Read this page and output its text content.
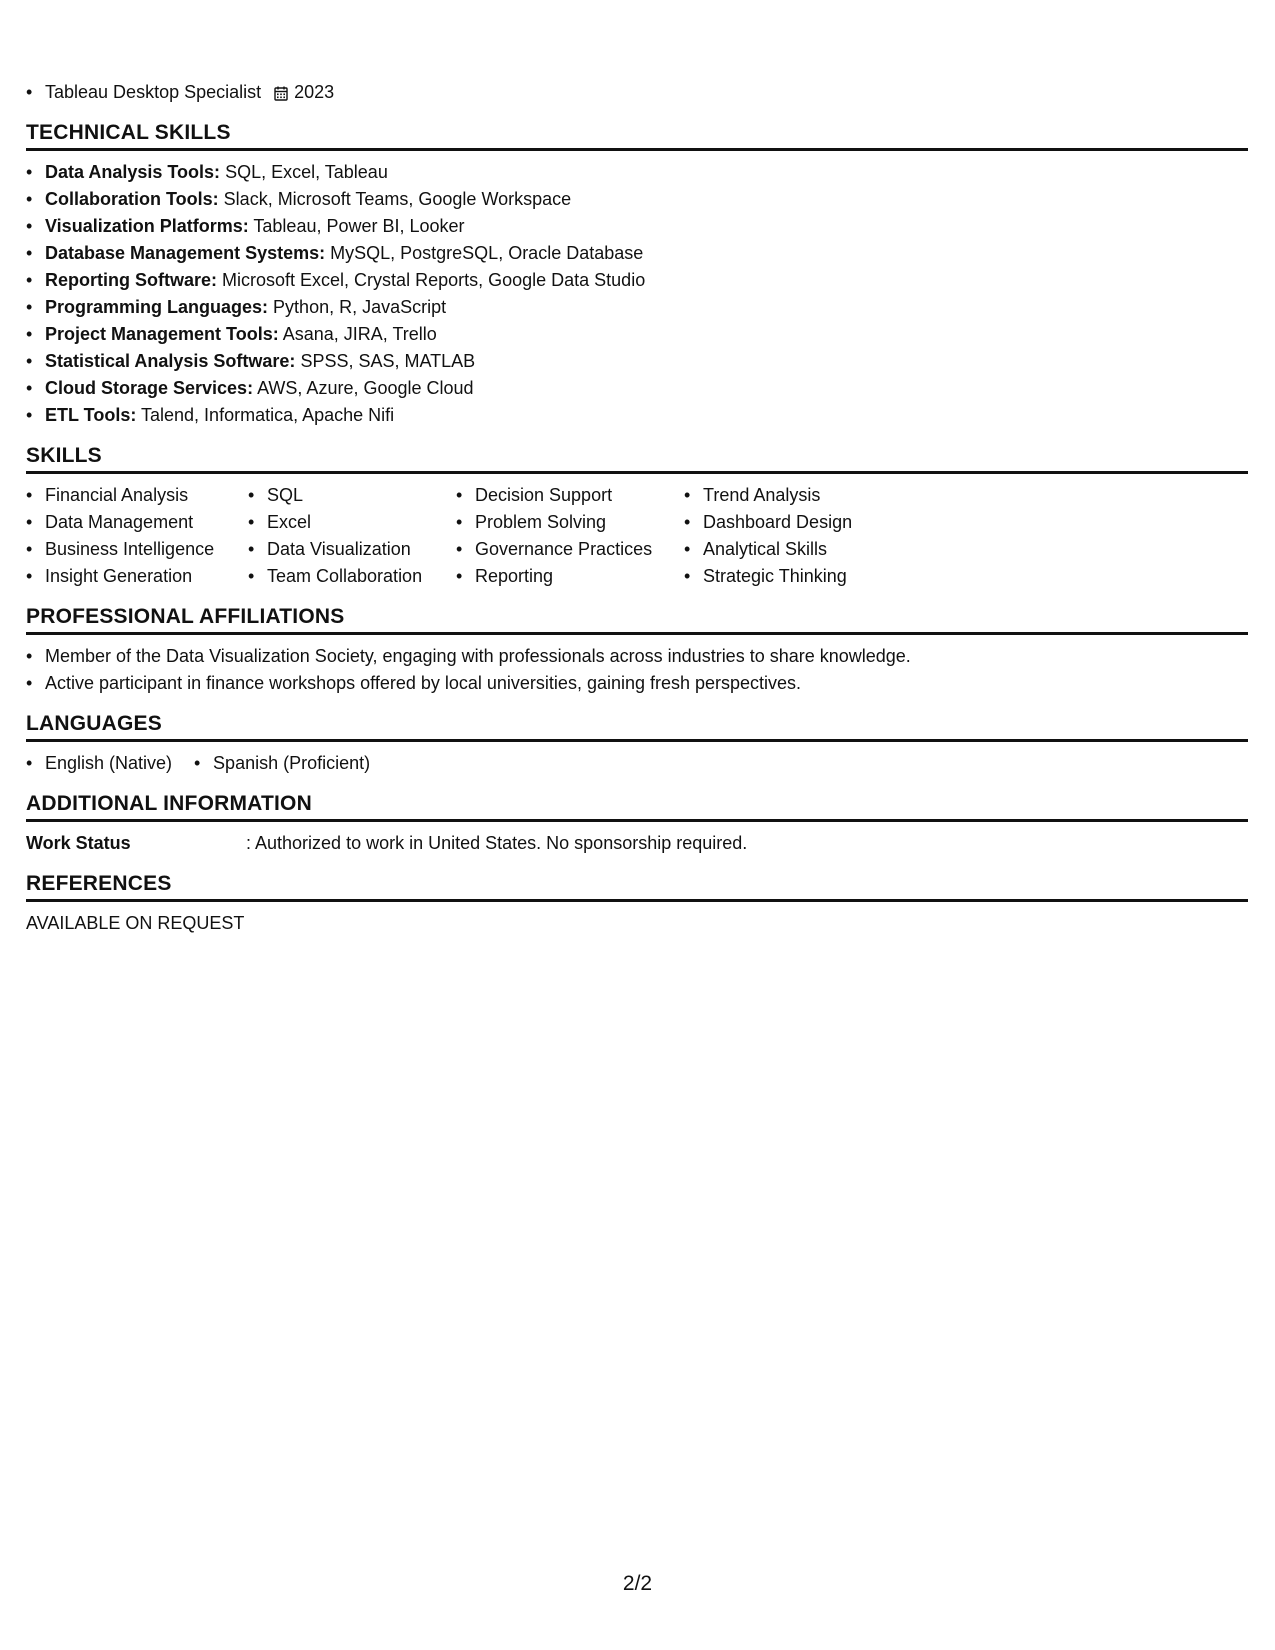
• Tableau Desktop Specialist 2023
TECHNICAL SKILLS
• Data Analysis Tools: SQL, Excel, Tableau
• Collaboration Tools: Slack, Microsoft Teams, Google Workspace
• Visualization Platforms: Tableau, Power BI, Looker
• Database Management Systems: MySQL, PostgreSQL, Oracle Database
• Reporting Software: Microsoft Excel, Crystal Reports, Google Data Studio
• Programming Languages: Python, R, JavaScript
• Project Management Tools: Asana, JIRA, Trello
• Statistical Analysis Software: SPSS, SAS, MATLAB
• Cloud Storage Services: AWS, Azure, Google Cloud
• ETL Tools: Talend, Informatica, Apache Nifi
SKILLS
• Financial Analysis
• Data Management
• Business Intelligence
• Insight Generation
• SQL
• Excel
• Data Visualization
• Team Collaboration
• Decision Support
• Problem Solving
• Governance Practices
• Reporting
• Trend Analysis
• Dashboard Design
• Analytical Skills
• Strategic Thinking
PROFESSIONAL AFFILIATIONS
• Member of the Data Visualization Society, engaging with professionals across industries to share knowledge.
• Active participant in finance workshops offered by local universities, gaining fresh perspectives.
LANGUAGES
• English (Native) • Spanish (Proficient)
ADDITIONAL INFORMATION
Work Status	: Authorized to work in United States. No sponsorship required.
REFERENCES
AVAILABLE ON REQUEST
2/2
